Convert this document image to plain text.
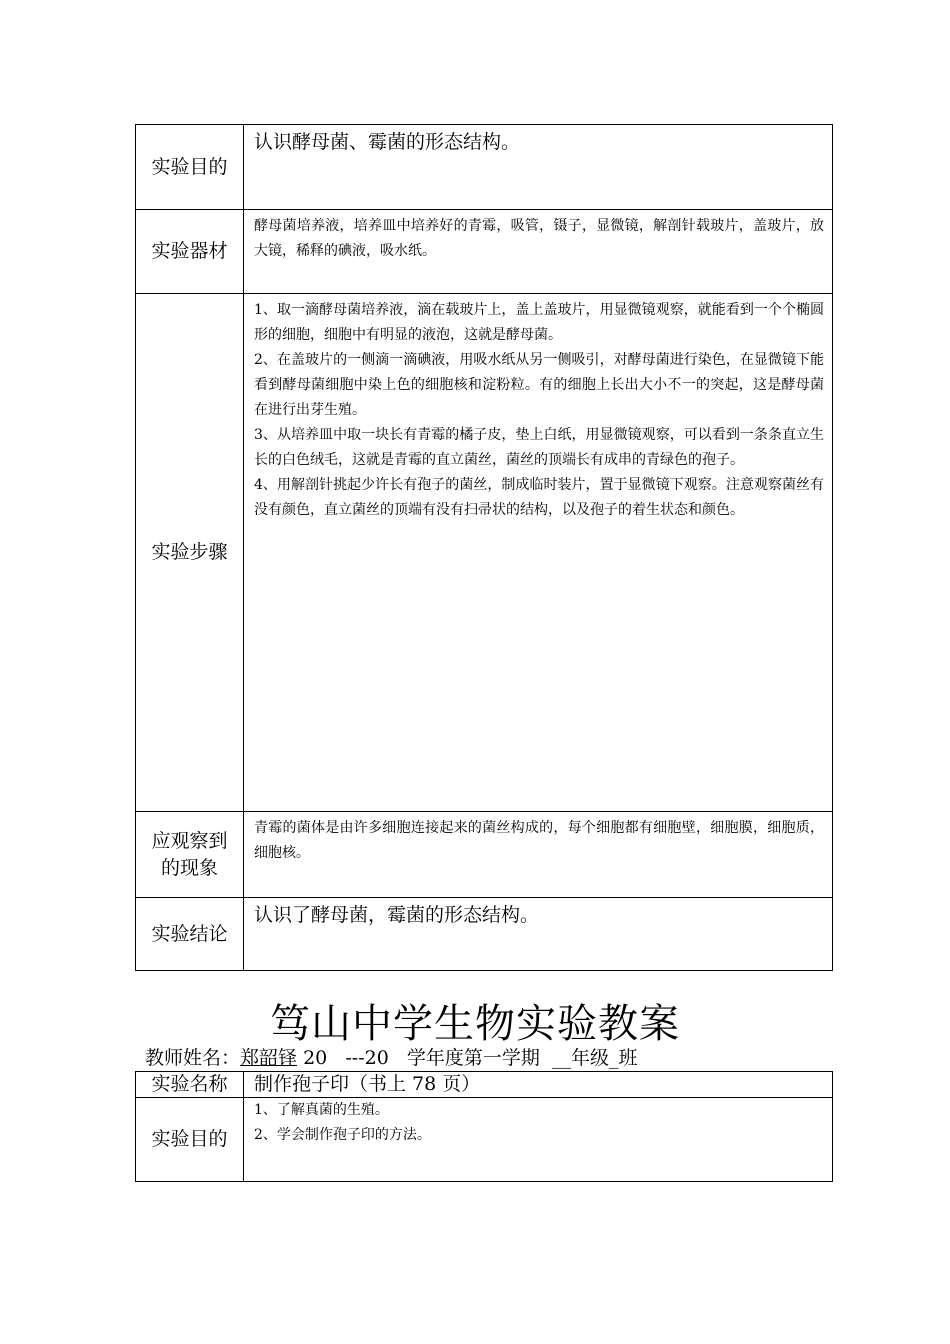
实验目的	认识酵母菌、霉菌的形态结构。
实验器材	酵母菌培养液，培养皿中培养好的青霉，吸管，镊子，显微镜，解剖针载玻片，盖玻片，放大镜，稀释的碘液，吸水纸。
实验步骤	1、取一滴酵母菌培养液，滴在载玻片上，盖上盖玻片，用显微镜观察，就能看到一个个椭圆形的细胞，细胞中有明显的液泡，这就是酵母菌。

2、在盖玻片的一侧滴一滴碘液，用吸水纸从另一侧吸引，对酵母菌进行染色，在显微镜下能看到酵母菌细胞中染上色的细胞核和淀粉粒。有的细胞上长出大小不一的突起，这是酵母菌在进行出芽生殖。

3、从培养皿中取一块长有青霉的橘子皮，垫上白纸，用显微镜观察，可以看到一条条直立生长的白色绒毛，这就是青霉的直立菌丝，菌丝的顶端长有成串的青绿色的孢子。

4、用解剖针挑起少许长有孢子的菌丝，制成临时装片，置于显微镜下观察。注意观察菌丝有没有颜色，直立菌丝的顶端有没有扫帚状的结构，以及孢子的着生状态和颜色。

应观察到
的现象	青霉的菌体是由许多细胞连接起来的菌丝构成的，每个细胞都有细胞壁，细胞膜，细胞质，细胞核。
实验结论	认识了酵母菌，霉菌的形态结构。
笃山中学生物实验教案
教师姓名：郑韶铎 20   ---20   学年度第一学期  __年级_班
实验名称	制作孢子印（书上 78 页）
实验目的	1、了解真菌的生殖。

2、学会制作孢子印的方法。
